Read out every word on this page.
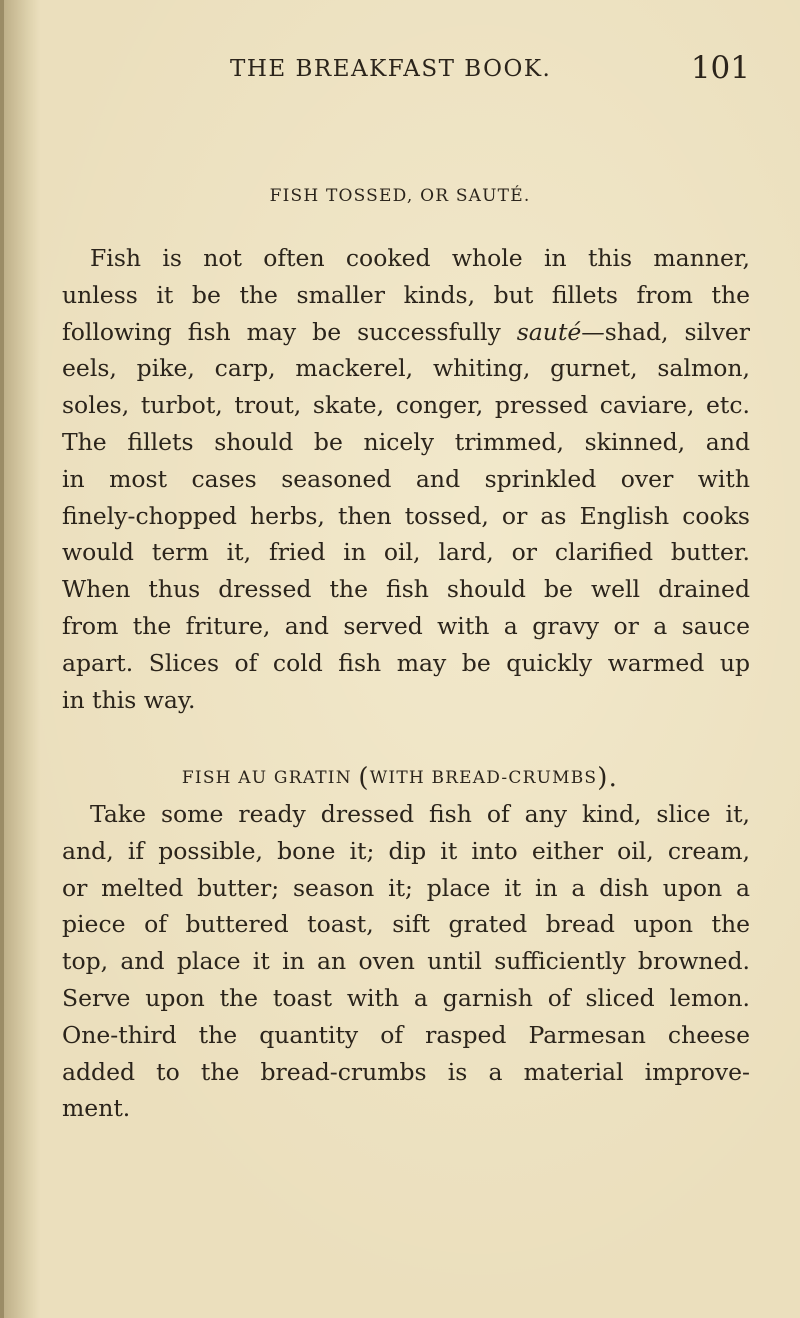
THE BREAKFAST BOOK.	101
FISH TOSSED, OR SAUTÉ.
Fish is not often cooked whole in this manner,
unless it be the smaller kinds, but fillets from the
following fish may be successfully sauté—shad, silver
eels, pike, carp, mackerel, whiting, gurnet, salmon,
soles, turbot, trout, skate, conger, pressed caviare, etc.
The fillets should be nicely trimmed, skinned, and
in most cases seasoned and sprinkled over with
finely-chopped herbs, then tossed, or as English cooks
would term it, fried in oil, lard, or clarified butter.
When thus dressed the fish should be well drained
from the friture, and served with a gravy or a sauce
apart. Slices of cold fish may be quickly warmed up
in this way.
FISH AU GRATIN (WITH BREAD-CRUMBS).
Take some ready dressed fish of any kind, slice it,
and, if possible, bone it; dip it into either oil, cream,
or melted butter; season it; place it in a dish upon a
piece of buttered toast, sift grated bread upon the
top, and place it in an oven until sufficiently browned.
Serve upon the toast with a garnish of sliced lemon.
One-third the quantity of rasped Parmesan cheese
added to the bread-crumbs is a material improve-
ment.
